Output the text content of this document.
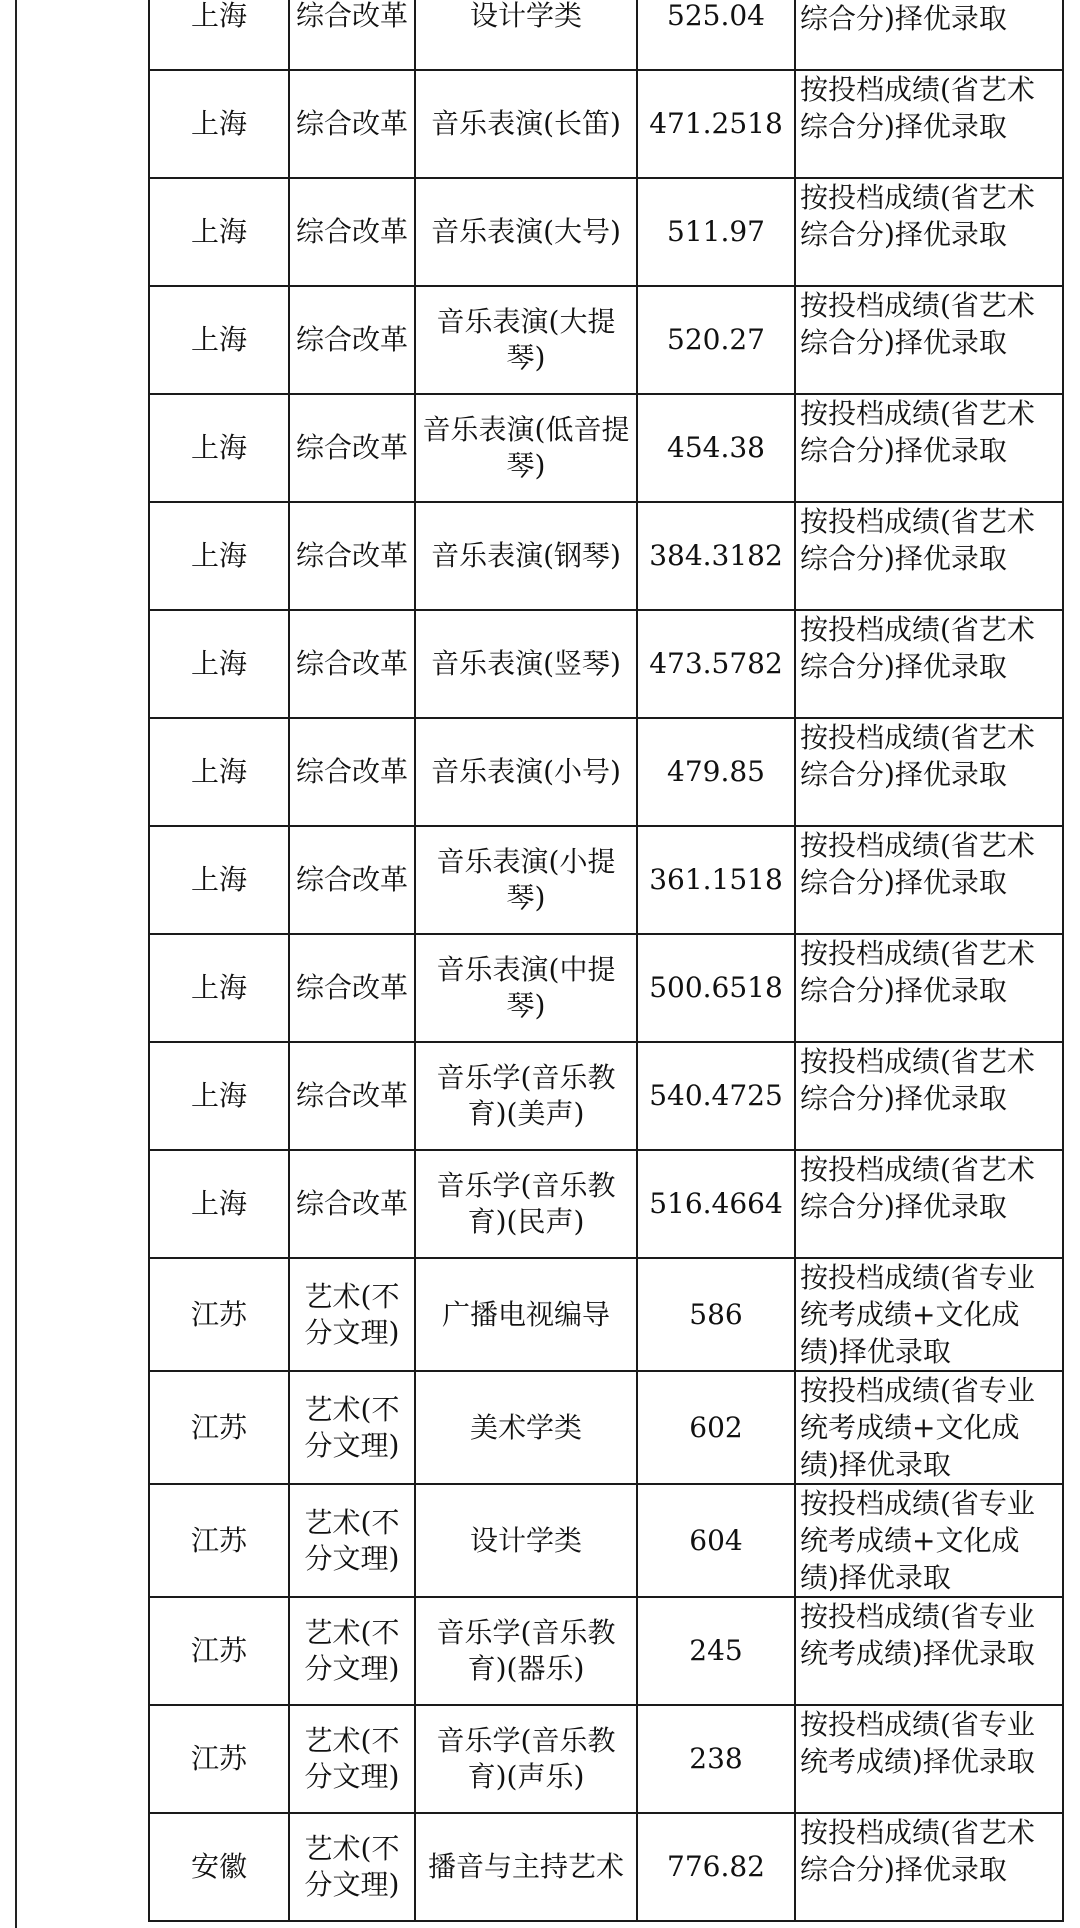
上海	综合改革	设计学类	525.04	综合分)择优录取
上海	综合改革	音乐表演(长笛)	471.2518	按投档成绩(省艺术综合分)择优录取
上海	综合改革	音乐表演(大号)	511.97	按投档成绩(省艺术综合分)择优录取
上海	综合改革	音乐表演(大提琴)	520.27	按投档成绩(省艺术综合分)择优录取
上海	综合改革	音乐表演(低音提琴)	454.38	按投档成绩(省艺术综合分)择优录取
上海	综合改革	音乐表演(钢琴)	384.3182	按投档成绩(省艺术综合分)择优录取
上海	综合改革	音乐表演(竖琴)	473.5782	按投档成绩(省艺术综合分)择优录取
上海	综合改革	音乐表演(小号)	479.85	按投档成绩(省艺术综合分)择优录取
上海	综合改革	音乐表演(小提琴)	361.1518	按投档成绩(省艺术综合分)择优录取
上海	综合改革	音乐表演(中提琴)	500.6518	按投档成绩(省艺术综合分)择优录取
上海	综合改革	音乐学(音乐教育)(美声)	540.4725	按投档成绩(省艺术综合分)择优录取
上海	综合改革	音乐学(音乐教育)(民声)	516.4664	按投档成绩(省艺术综合分)择优录取
江苏	艺术(不分文理)	广播电视编导	586	按投档成绩(省专业统考成绩+文化成绩)择优录取
江苏	艺术(不分文理)	美术学类	602	按投档成绩(省专业统考成绩+文化成绩)择优录取
江苏	艺术(不分文理)	设计学类	604	按投档成绩(省专业统考成绩+文化成绩)择优录取
江苏	艺术(不分文理)	音乐学(音乐教育)(器乐)	245	按投档成绩(省专业统考成绩)择优录取
江苏	艺术(不分文理)	音乐学(音乐教育)(声乐)	238	按投档成绩(省专业统考成绩)择优录取
安徽	艺术(不分文理)	播音与主持艺术	776.82	按投档成绩(省艺术综合分)择优录取
